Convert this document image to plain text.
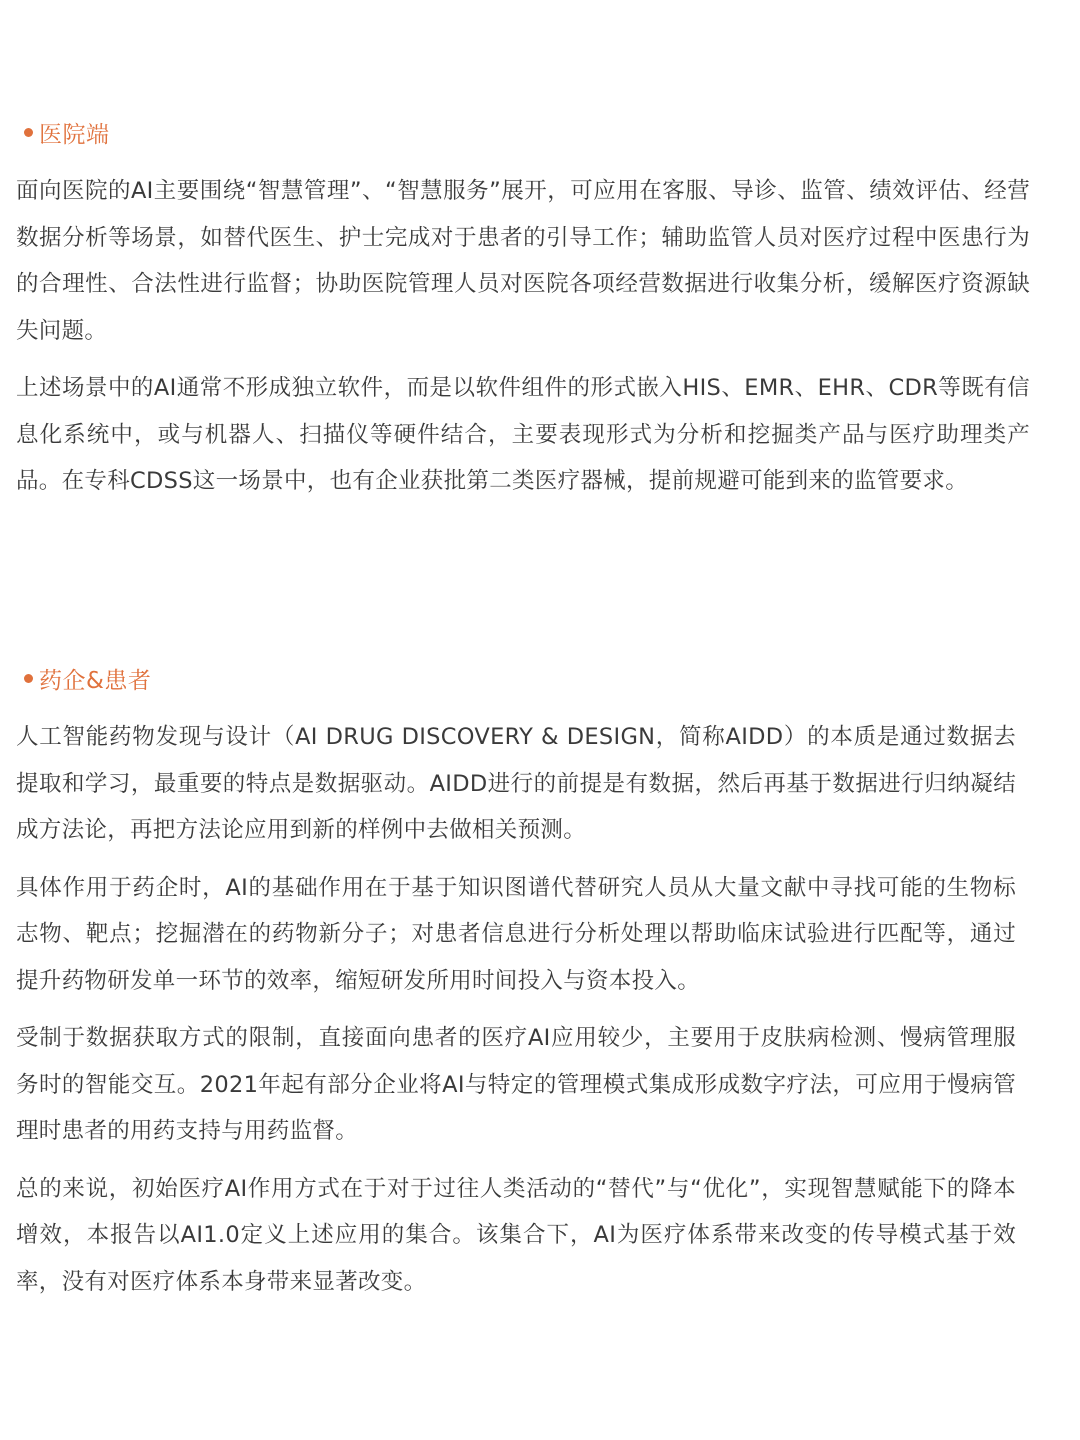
医院端

面向医院的AI主要围绕“智慧管理”、“智慧服务”展开，可应用在客服、导诊、监管、绩效评估、经营数据分析等场景，如替代医生、护士完成对于患者的引导工作；辅助监管人员对医疗过程中医患行为的合理性、合法性进行监督；协助医院管理人员对医院各项经营数据进行收集分析，缓解医疗资源缺失问题。

上述场景中的AI通常不形成独立软件，而是以软件组件的形式嵌入HIS、EMR、EHR、CDR等既有信息化系统中，或与机器人、扫描仪等硬件结合，主要表现形式为分析和挖掘类产品与医疗助理类产品。在专科CDSS这一场景中，也有企业获批第二类医疗器械，提前规避可能到来的监管要求。

药企&患者

人工智能药物发现与设计（AI DRUG DISCOVERY & DESIGN，简称AIDD）的本质是通过数据去提取和学习，最重要的特点是数据驱动。AIDD进行的前提是有数据，然后再基于数据进行归纳凝结成方法论，再把方法论应用到新的样例中去做相关预测。

具体作用于药企时，AI的基础作用在于基于知识图谱代替研究人员从大量文献中寻找可能的生物标志物、靶点；挖掘潜在的药物新分子；对患者信息进行分析处理以帮助临床试验进行匹配等，通过提升药物研发单一环节的效率，缩短研发所用时间投入与资本投入。

受制于数据获取方式的限制，直接面向患者的医疗AI应用较少，主要用于皮肤病检测、慢病管理服务时的智能交互。2021年起有部分企业将AI与特定的管理模式集成形成数字疗法，可应用于慢病管理时患者的用药支持与用药监督。

总的来说，初始医疗AI作用方式在于对于过往人类活动的“替代”与“优化”，实现智慧赋能下的降本增效，本报告以AI1.0定义上述应用的集合。该集合下，AI为医疗体系带来改变的传导模式基于效率，没有对医疗体系本身带来显著改变。
